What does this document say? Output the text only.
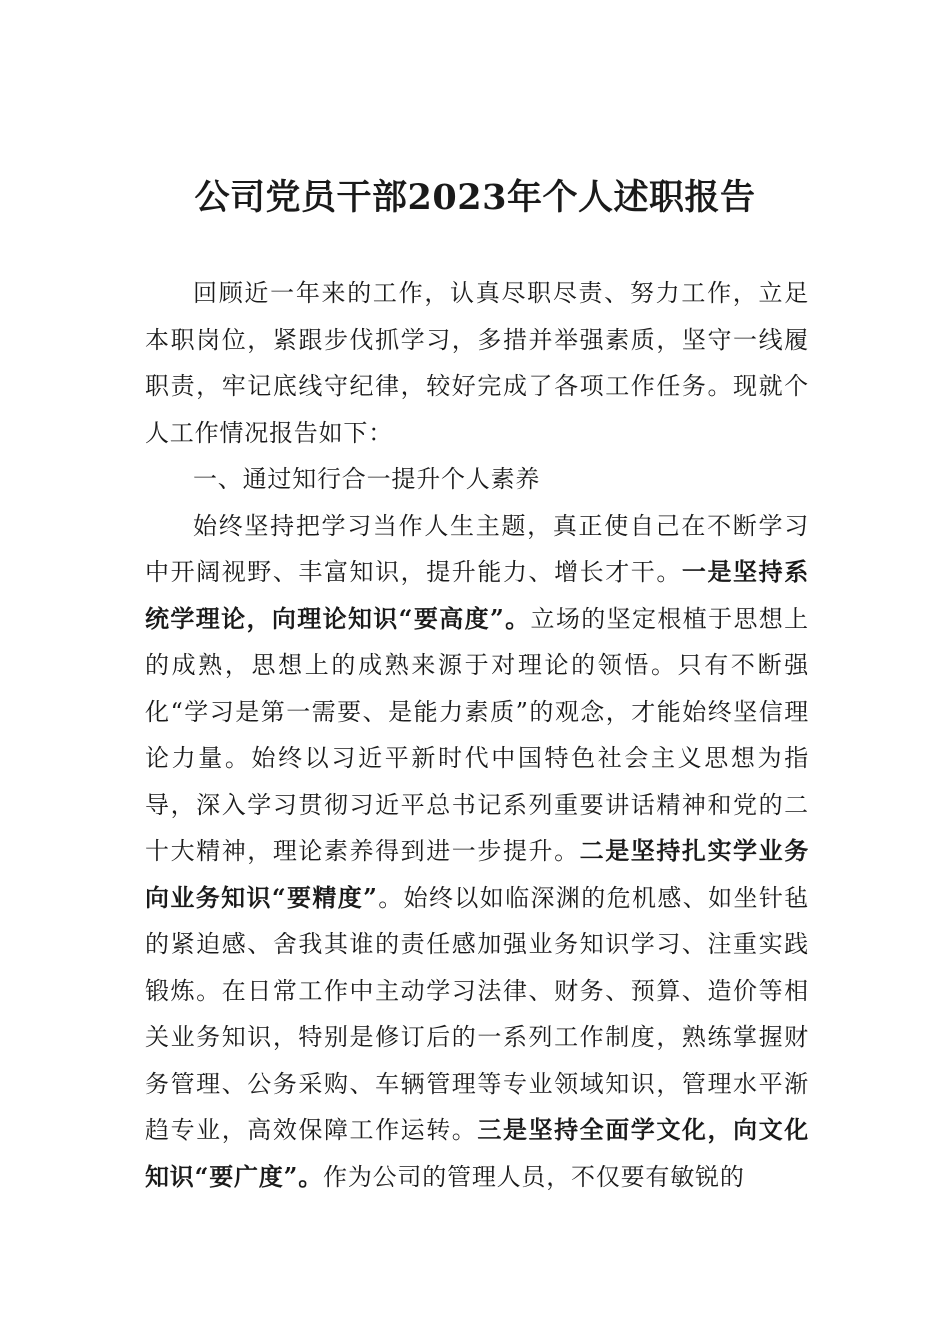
公司党员干部2023年个人述职报告

回顾近一年来的工作，认真尽职尽责、努力工作，立足本职岗位，紧跟步伐抓学习，多措并举强素质，坚守一线履职责，牢记底线守纪律，较好完成了各项工作任务。现就个人工作情况报告如下：

一、通过知行合一提升个人素养

始终坚持把学习当作人生主题，真正使自己在不断学习中开阔视野、丰富知识，提升能力、增长才干。一是坚持系统学理论，向理论知识“要高度”。立场的坚定根植于思想上的成熟，思想上的成熟来源于对理论的领悟。只有不断强化“学习是第一需要、是能力素质”的观念，才能始终坚信理论力量。始终以习近平新时代中国特色社会主义思想为指导，深入学习贯彻习近平总书记系列重要讲话精神和党的二十大精神，理论素养得到进一步提升。二是坚持扎实学业务向业务知识“要精度”。始终以如临深渊的危机感、如坐针毡的紧迫感、舍我其谁的责任感加强业务知识学习、注重实践锻炼。在日常工作中主动学习法律、财务、预算、造价等相关业务知识，特别是修订后的一系列工作制度，熟练掌握财务管理、公务采购、车辆管理等专业领域知识，管理水平渐趋专业，高效保障工作运转。三是坚持全面学文化，向文化知识“要广度”。作为公司的管理人员，不仅要有敏锐的
